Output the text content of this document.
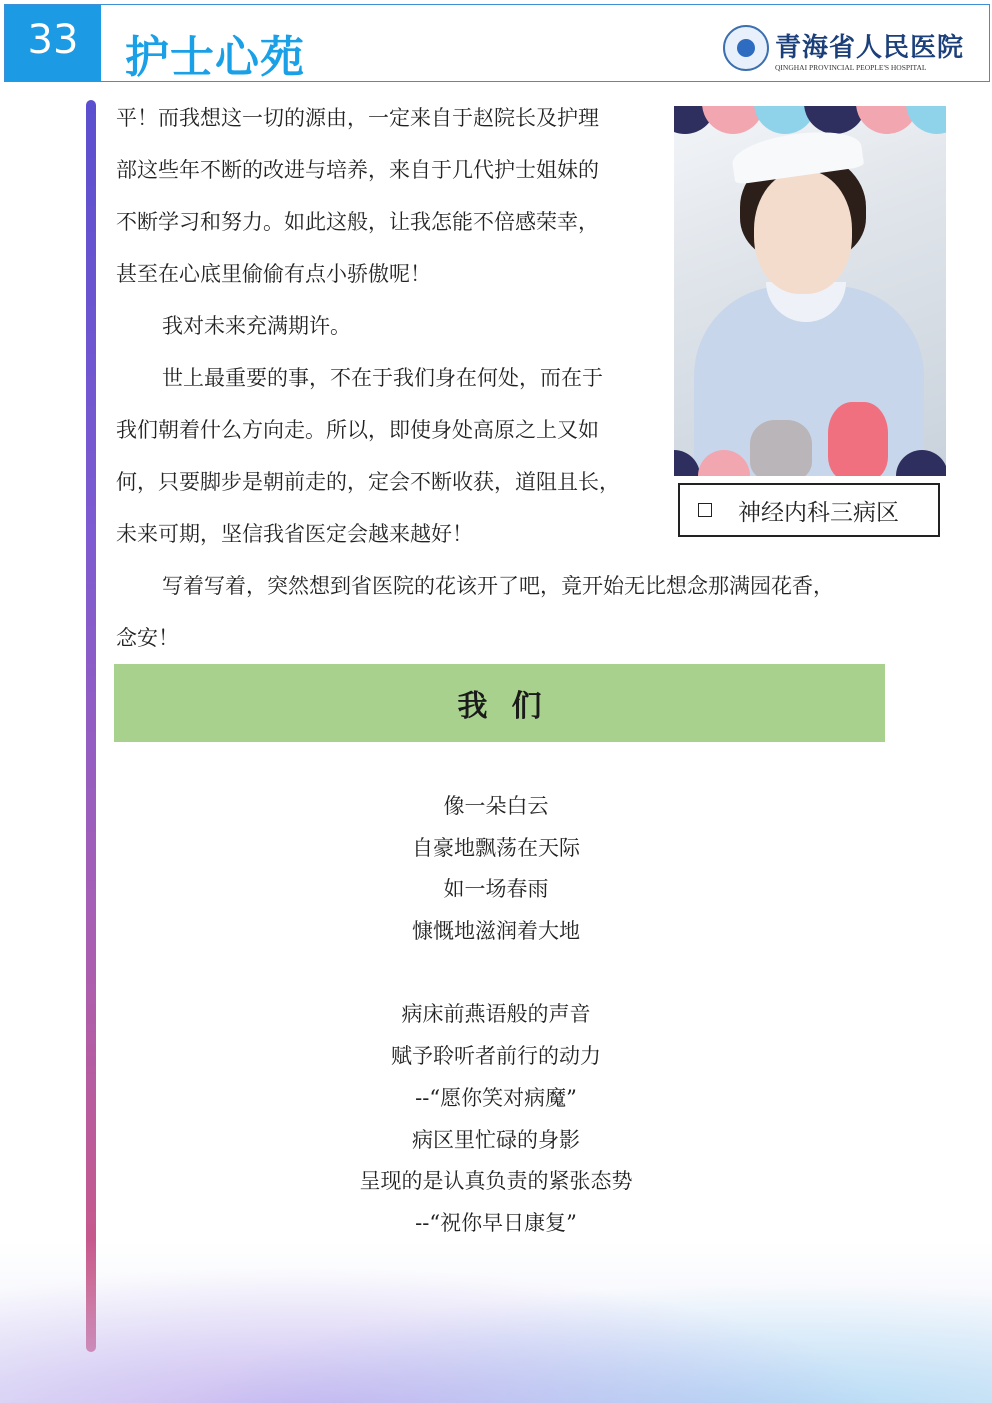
33	护士心苑	青海省人民医院
QINGHAI PROVINCIAL PEOPLE'S HOSPITAL
平！而我想这一切的源由，一定来自于赵院长及护理
部这些年不断的改进与培养，来自于几代护士姐妹的
不断学习和努力。如此这般，让我怎能不倍感荣幸，
甚至在心底里偷偷有点小骄傲呢！
我对未来充满期许。
世上最重要的事，不在于我们身在何处，而在于
我们朝着什么方向走。所以，即使身处高原之上又如
何，只要脚步是朝前走的，定会不断收获，道阻且长，
未来可期，坚信我省医定会越来越好！
写着写着，突然想到省医院的花该开了吧，竟开始无比想念那满园花香，
念安！
神经内科三病区
我们
像一朵白云
自豪地飘荡在天际
如一场春雨
慷慨地滋润着大地
病床前燕语般的声音
赋予聆听者前行的动力
--“愿你笑对病魔”
病区里忙碌的身影
呈现的是认真负责的紧张态势
--“祝你早日康复”
